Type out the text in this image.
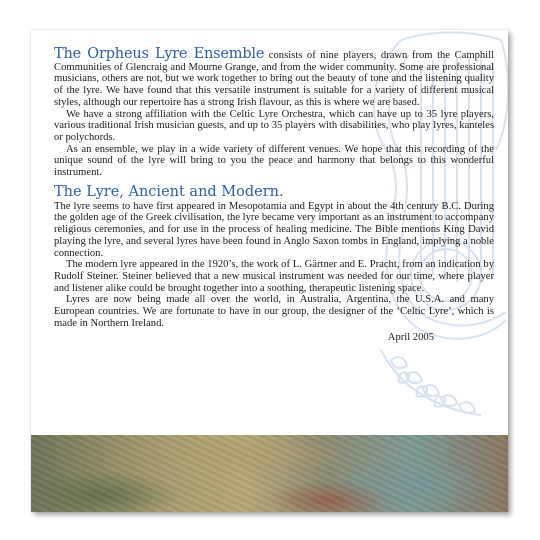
The Orpheus Lyre Ensemble consists of nine players, drawn from the Camphill Communities of Glencraig and Mourne Grange, and from the wider community. Some are professional musicians, others are not, but we work together to bring out the beauty of tone and the listening quality of the lyre. We have found that this versatile instrument is suitable for a variety of different musical styles, although our repertoire has a strong Irish flavour, as this is where we are based.

We have a strong affiliation with the Celtic Lyre Orchestra, which can have up to 35 lyre players, various traditional Irish musician guests, and up to 35 players with disabilities, who play lyres, kanteles or polychords.

As an ensemble, we play in a wide variety of different venues. We hope that this recording of the unique sound of the lyre will bring to you the peace and harmony that belongs to this wonderful instrument.

The Lyre, Ancient and Modern.

The lyre seems to have first appeared in Mesopotamia and Egypt in about the 4th century B.C. During the golden age of the Greek civilisation, the lyre became very important as an instrument to accompany religious ceremonies, and for use in the process of healing medicine. The Bible mentions King David playing the lyre, and several lyres have been found in Anglo Saxon tombs in England, implying a noble connection.

The modern lyre appeared in the 1920’s, the work of L. Gärtner and E. Pracht, from an indication by Rudolf Steiner. Steiner believed that a new musical instrument was needed for our time, where player and listener alike could be brought together into a soothing, therapeutic listening space.

Lyres are now being made all over the world, in Australia, Argentina, the U.S.A. and many European countries. We are fortunate to have in our group, the designer of the ‘Celtic Lyre’, which is made in Northern Ireland.

April 2005
